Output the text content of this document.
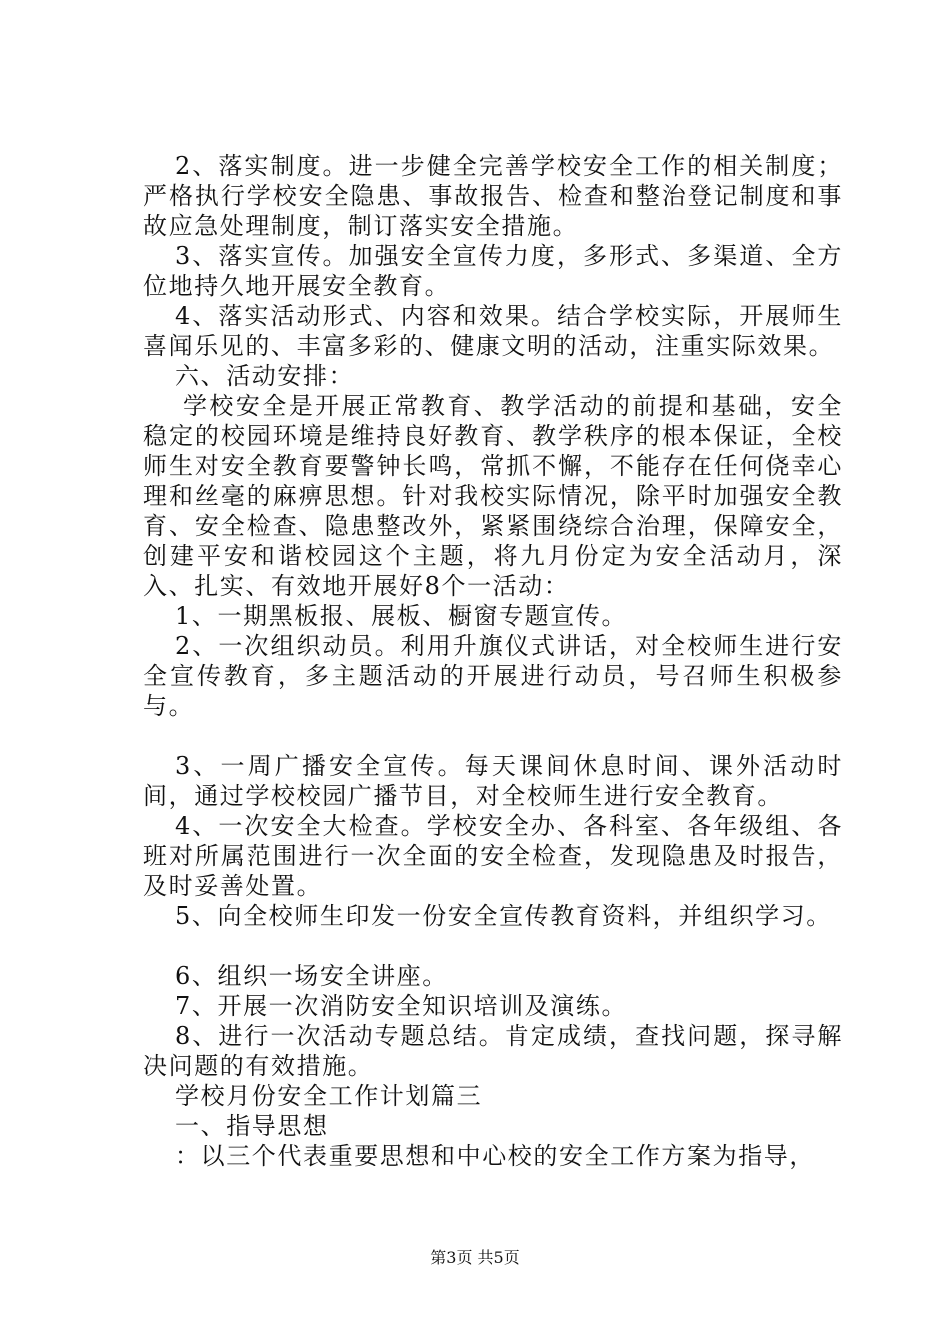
2、落实制度。进一步健全完善学校安全工作的相关制度；严格执行学校安全隐患、事故报告、检查和整治登记制度和事故应急处理制度，制订落实安全措施。

3、落实宣传。加强安全宣传力度，多形式、多渠道、全方位地持久地开展安全教育。

4、落实活动形式、内容和效果。结合学校实际，开展师生喜闻乐见的、丰富多彩的、健康文明的活动，注重实际效果。

六、活动安排：

学校安全是开展正常教育、教学活动的前提和基础，安全稳定的校园环境是维持良好教育、教学秩序的根本保证，全校师生对安全教育要警钟长鸣，常抓不懈，不能存在任何侥幸心理和丝毫的麻痹思想。针对我校实际情况，除平时加强安全教育、安全检查、隐患整改外，紧紧围绕综合治理，保障安全，创建平安和谐校园这个主题，将九月份定为安全活动月，深入、扎实、有效地开展好8个一活动：

1、一期黑板报、展板、橱窗专题宣传。

2、一次组织动员。利用升旗仪式讲话，对全校师生进行安全宣传教育，多主题活动的开展进行动员，号召师生积极参与。

3、一周广播安全宣传。每天课间休息时间、课外活动时间，通过学校校园广播节目，对全校师生进行安全教育。

4、一次安全大检查。学校安全办、各科室、各年级组、各班对所属范围进行一次全面的安全检查，发现隐患及时报告，及时妥善处置。

5、向全校师生印发一份安全宣传教育资料，并组织学习。

6、组织一场安全讲座。

7、开展一次消防安全知识培训及演练。

8、进行一次活动专题总结。肯定成绩，查找问题，探寻解决问题的有效措施。

学校月份安全工作计划篇三

一、指导思想

：以三个代表重要思想和中心校的安全工作方案为指导，

第3页 共5页
